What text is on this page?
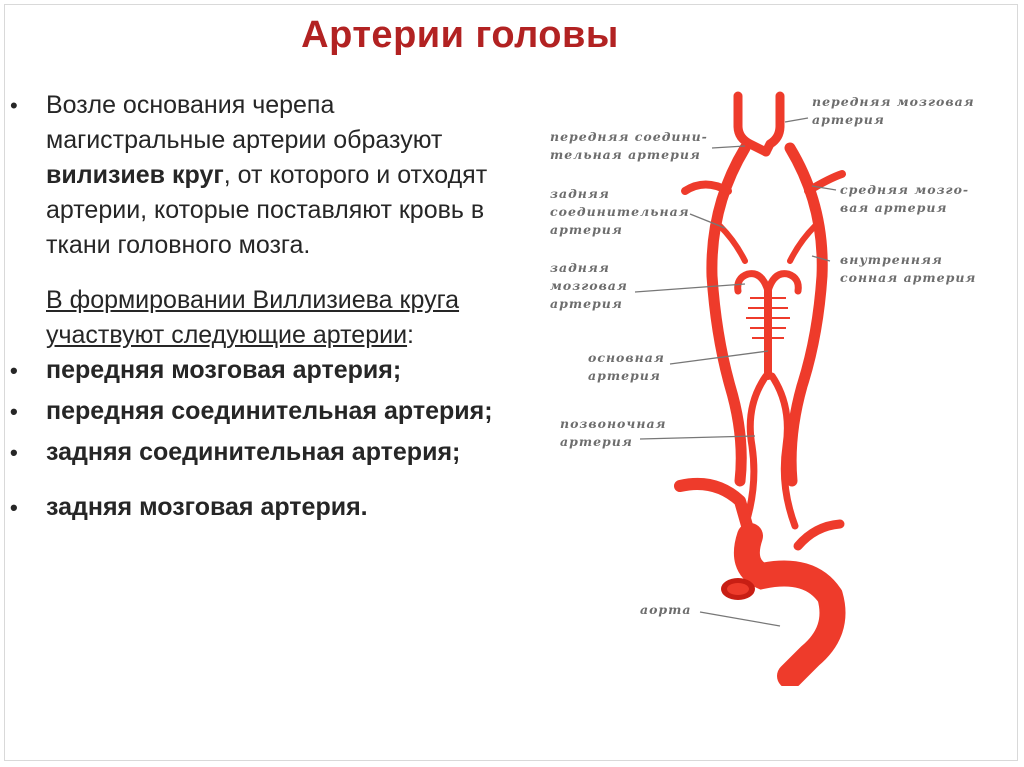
Артерии головы
• Возле основания черепа магистральные артерии образуют вилизиев круг, от которого и отходят артерии, которые поставляют кровь в ткани головного мозга.
В формировании Виллизиева круга участвуют следующие артерии:
• передняя мозговая артерия;
• передняя соединительная артерия;
• задняя соединительная артерия;
• задняя мозговая артерия.
передняя мозговая артерия
передняя соедини- тельная артерия
средняя мозго- вая артерия
задняя соединительная артерия
внутренняя сонная артерия
задняя мозговая артерия
основная артерия
позвоночная артерия
аорта
